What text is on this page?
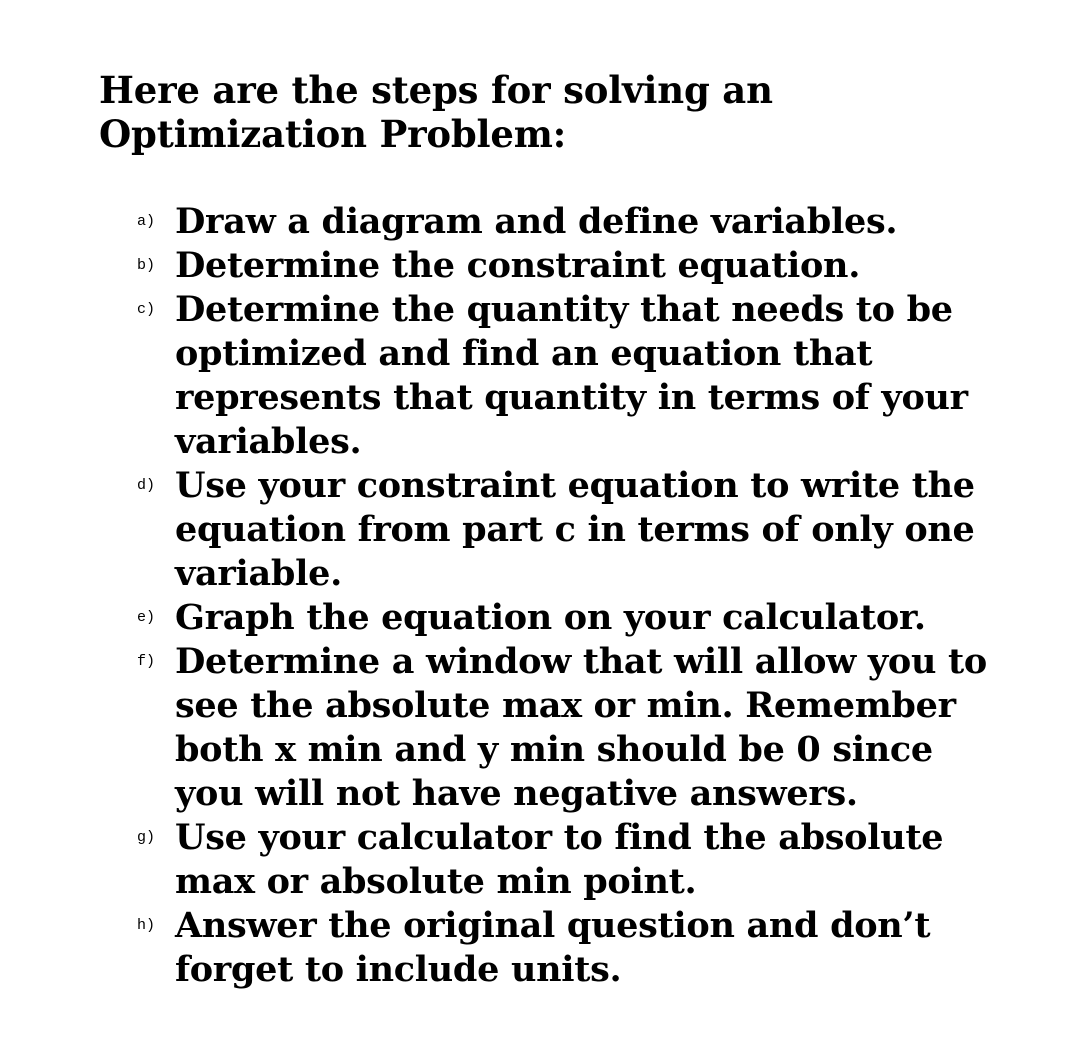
Here are the steps for solving an Optimization Problem:
a) Draw a diagram and define variables.
b) Determine the constraint equation.
c) Determine the quantity that needs to be optimized and find an equation that represents that quantity in terms of your variables.
d) Use your constraint equation to write the equation from part c in terms of only one variable.
e) Graph the equation on your calculator.
f) Determine a window that will allow you to see the absolute max or min. Remember both x min and y min should be 0 since you will not have negative answers.
g) Use your calculator to find the absolute max or absolute min point.
h) Answer the original question and don’t forget to include units.
